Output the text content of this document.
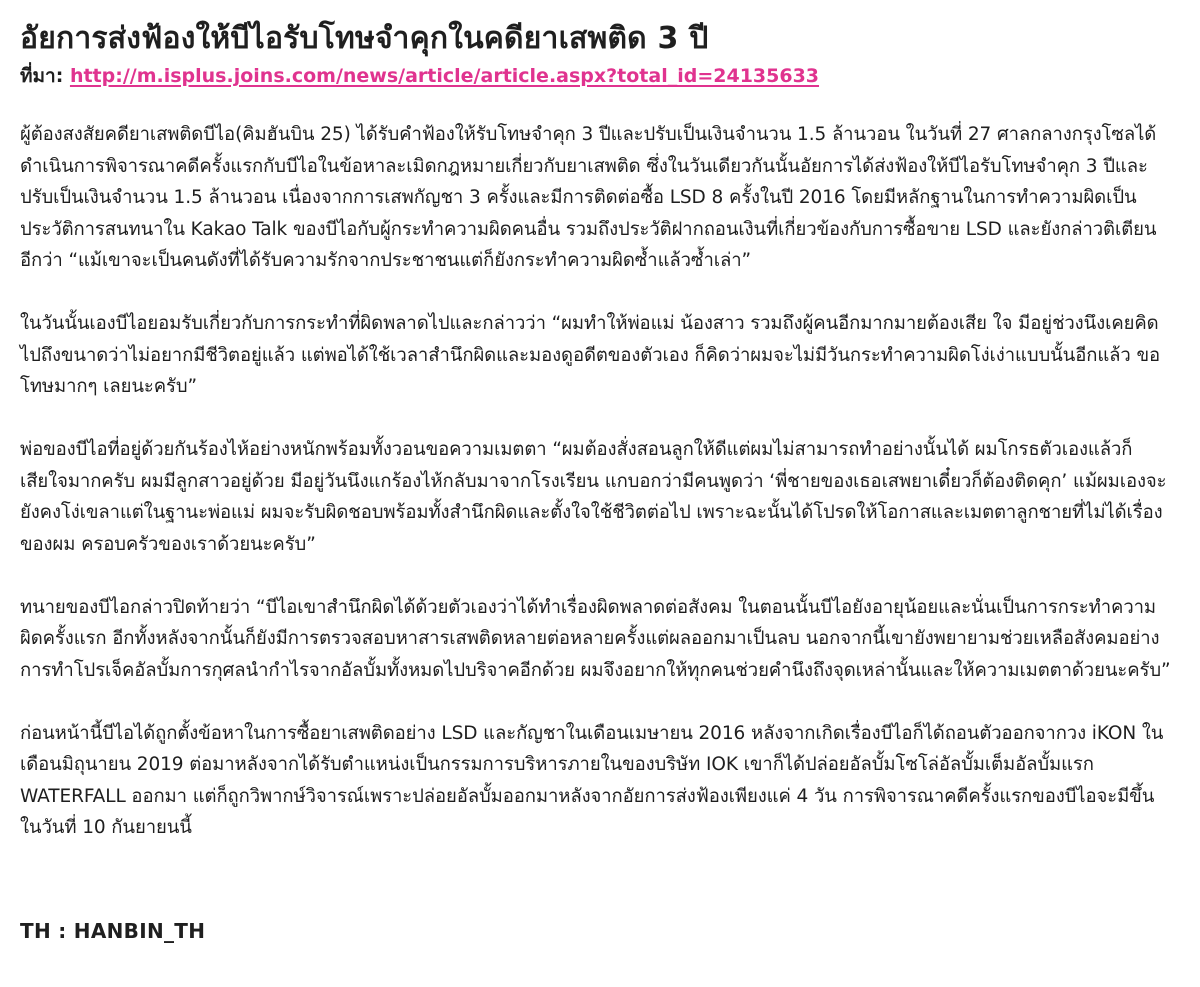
อัยการส่งฟ้องให้บีไอรับโทษจำคุกในคดียาเสพติด 3 ปี

ที่มา: http://m.isplus.joins.com/news/article/article.aspx?total_id=24135633

ผู้ต้องสงสัยคดียาเสพติดบีไอ(คิมฮันบิน 25) ได้รับคำฟ้องให้รับโทษจำคุก 3 ปีและปรับเป็นเงินจำนวน 1.5 ล้านวอน ในวันที่ 27 ศาลกลางกรุงโซลได้ดำเนินการพิจารณาคดีครั้งแรกกับบีไอในข้อหาละเมิดกฎหมายเกี่ยวกับยาเสพติด ซึ่งในวันเดียวกันนั้นอัยการได้ส่งฟ้องให้บีไอรับโทษจำคุก 3 ปีและปรับเป็นเงินจำนวน 1.5 ล้านวอน เนื่องจากการเสพกัญชา 3 ครั้งและมีการติดต่อซื้อ LSD 8 ครั้งในปี 2016 โดยมีหลักฐานในการทำความผิดเป็นประวัติการสนทนาใน Kakao Talk ของบีไอกับผู้กระทำความผิดคนอื่น รวมถึงประวัติฝากถอนเงินที่เกี่ยวข้องกับการซื้อขาย LSD และยังกล่าวติเตียนอีกว่า “แม้เขาจะเป็นคนดังที่ได้รับความรักจากประชาชนแต่ก็ยังกระทำความผิดซ้ำแล้วซ้ำเล่า”

ในวันนั้นเองบีไอยอมรับเกี่ยวกับการกระทำที่ผิดพลาดไปและกล่าวว่า “ผมทำให้พ่อแม่ น้องสาว รวมถึงผู้คนอีกมากมายต้องเสีย ใจ มีอยู่ช่วงนึงเคยคิดไปถึงขนาดว่าไม่อยากมีชีวิตอยู่แล้ว แต่พอได้ใช้เวลาสำนึกผิดและมองดูอดีตของตัวเอง ก็คิดว่าผมจะไม่มีวันกระทำความผิดโง่เง่าแบบนั้นอีกแล้ว ขอโทษมากๆ เลยนะครับ”

พ่อของบีไอที่อยู่ด้วยกันร้องไห้อย่างหนักพร้อมทั้งวอนขอความเมตตา “ผมต้องสั่งสอนลูกให้ดีแต่ผมไม่สามารถทำอย่างนั้นได้ ผมโกรธตัวเองแล้วก็เสียใจมากครับ ผมมีลูกสาวอยู่ด้วย มีอยู่วันนึงแกร้องไห้กลับมาจากโรงเรียน แกบอกว่ามีคนพูดว่า ‘พี่ชายของเธอเสพยาเดี๋ยวก็ต้องติดคุก’ แม้ผมเองจะยังคงโง่เขลาแต่ในฐานะพ่อแม่ ผมจะรับผิดชอบพร้อมทั้งสำนึกผิดและตั้งใจใช้ชีวิตต่อไป เพราะฉะนั้นได้โปรดให้โอกาสและเมตตาลูกชายที่ไม่ได้เรื่องของผม ครอบครัวของเราด้วยนะครับ”

ทนายของบีไอกล่าวปิดท้ายว่า “บีไอเขาสำนึกผิดได้ด้วยตัวเองว่าได้ทำเรื่องผิดพลาดต่อสังคม ในตอนนั้นบีไอยังอายุน้อยและนั่นเป็นการกระทำความผิดครั้งแรก อีกทั้งหลังจากนั้นก็ยังมีการตรวจสอบหาสารเสพติดหลายต่อหลายครั้งแต่ผลออกมาเป็นลบ นอกจากนี้เขายังพยายามช่วยเหลือสังคมอย่างการทำโปรเจ็คอัลบั้มการกุศลนำกำไรจากอัลบั้มทั้งหมดไปบริจาคอีกด้วย ผมจึงอยากให้ทุกคนช่วยคำนึงถึงจุดเหล่านั้นและให้ความเมตตาด้วยนะครับ”

ก่อนหน้านี้บีไอได้ถูกตั้งข้อหาในการซื้อยาเสพติดอย่าง LSD และกัญชาในเดือนเมษายน 2016 หลังจากเกิดเรื่องบีไอก็ได้ถอนตัวออกจากวง iKON ในเดือนมิถุนายน 2019 ต่อมาหลังจากได้รับตำแหน่งเป็นกรรมการบริหารภายในของบริษัท IOK เขาก็ได้ปล่อยอัลบั้มโซโล่อัลบั้มเต็มอัลบั้มแรก WATERFALL ออกมา แต่ก็ถูกวิพากษ์วิจารณ์เพราะปล่อยอัลบั้มออกมาหลังจากอัยการส่งฟ้องเพียงแค่ 4 วัน การพิจารณาคดีครั้งแรกของบีไอจะมีขึ้นในวันที่ 10 กันยายนนี้

TH : HANBIN_TH
